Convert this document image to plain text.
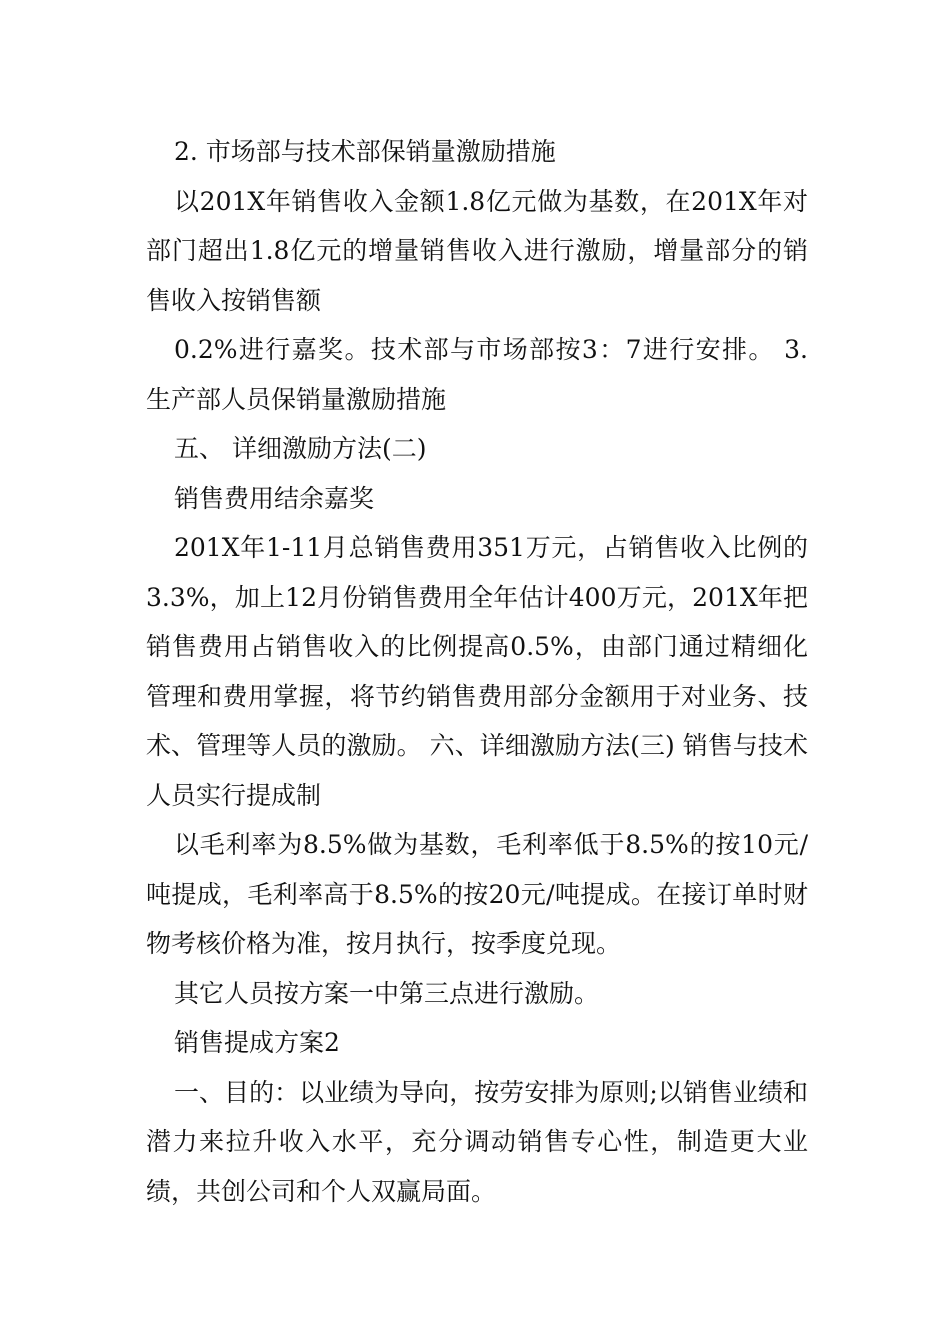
2. 市场部与技术部保销量激励措施

以201X年销售收入金额1.8亿元做为基数，在201X年对部门超出1.8亿元的增量销售收入进行激励，增量部分的销售收入按销售额

0.2%进行嘉奖。技术部与市场部按3：7进行安排。 3. 生产部人员保销量激励措施

五、 详细激励方法(二)

销售费用结余嘉奖

201X年1-11月总销售费用351万元，占销售收入比例的3.3%，加上12月份销售费用全年估计400万元，201X年把销售费用占销售收入的比例提高0.5%，由部门通过精细化管理和费用掌握，将节约销售费用部分金额用于对业务、技术、管理等人员的激励。 六、详细激励方法(三) 销售与技术人员实行提成制

以毛利率为8.5%做为基数，毛利率低于8.5%的按10元/吨提成，毛利率高于8.5%的按20元/吨提成。在接订单时财物考核价格为准，按月执行，按季度兑现。

其它人员按方案一中第三点进行激励。

销售提成方案2

一、目的：以业绩为导向，按劳安排为原则;以销售业绩和潜力来拉升收入水平，充分调动销售专心性，制造更大业绩，共创公司和个人双赢局面。
